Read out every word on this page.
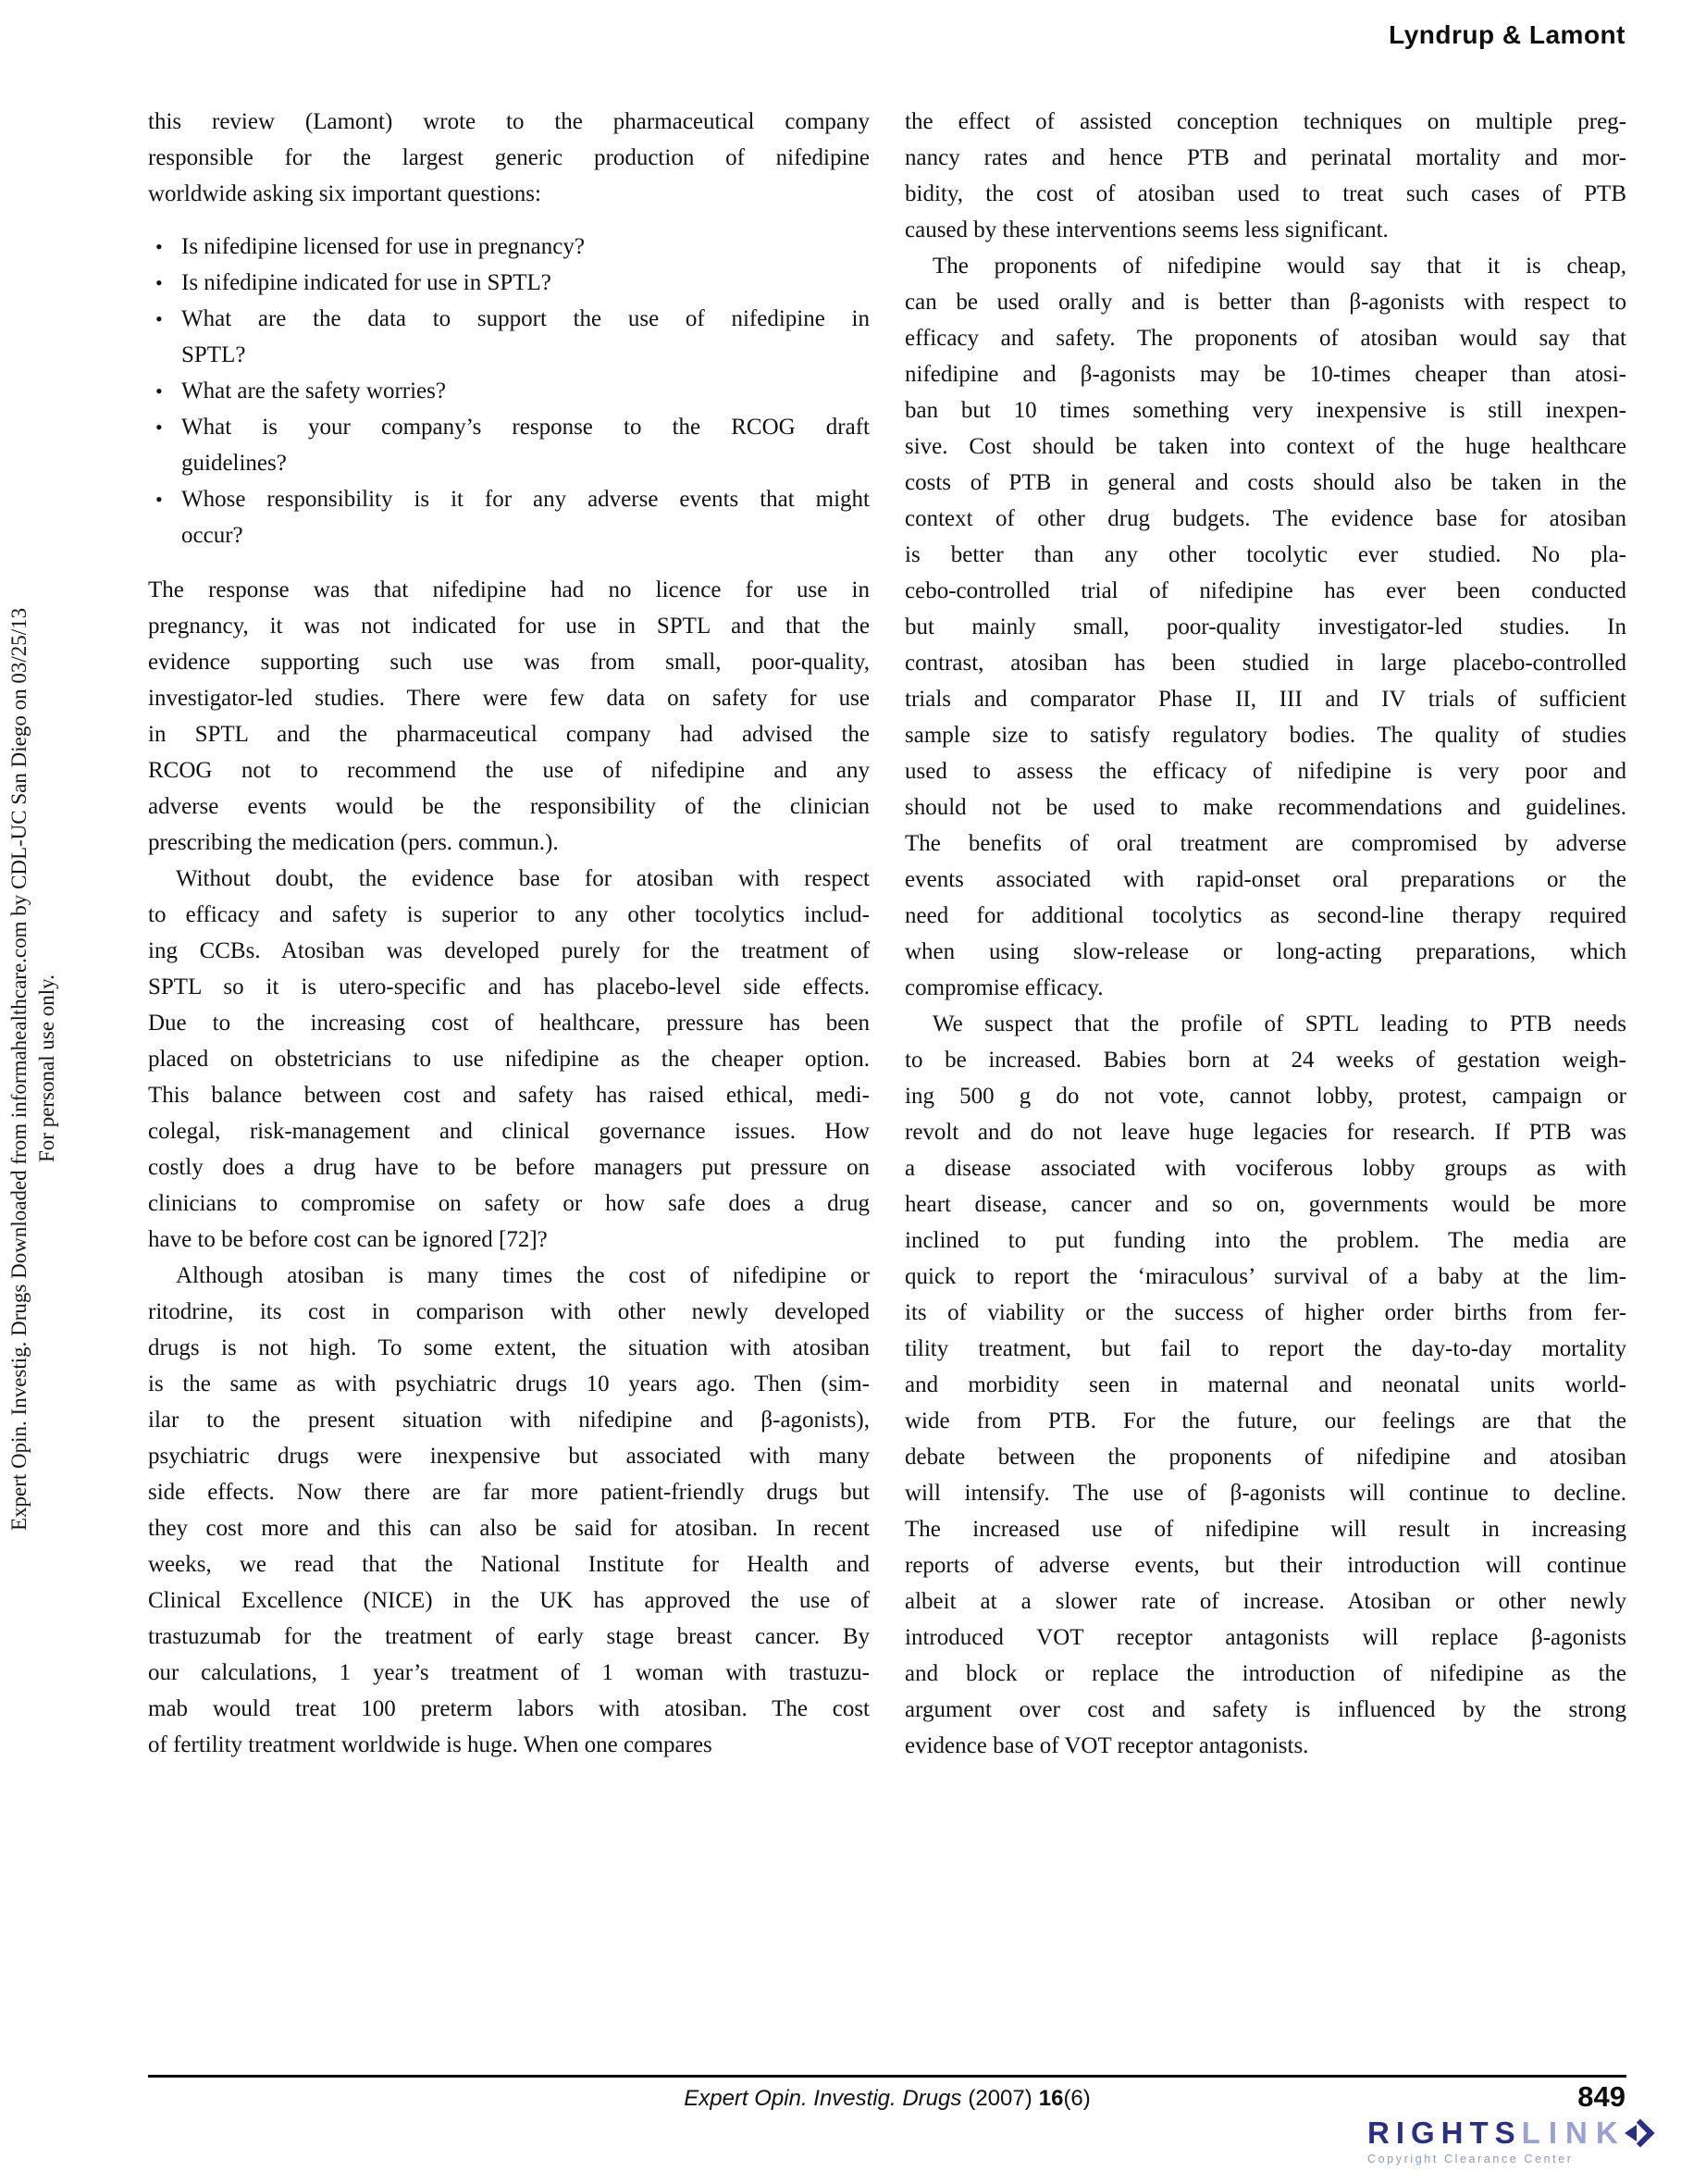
Lyndrup & Lamont
Expert Opin. Investig. Drugs Downloaded from informahealthcare.com by CDL-UC San Diego on 03/25/13 For personal use only.
this review (Lamont) wrote to the pharmaceutical company
responsible for the largest generic production of nifedipine
worldwide asking six important questions:
• Is nifedipine licensed for use in pregnancy?
• Is nifedipine indicated for use in SPTL?
• What are the data to support the use of nifedipine in
SPTL?
• What are the safety worries?
• What is your company’s response to the RCOG draft
guidelines?
• Whose responsibility is it for any adverse events that might
occur?
The response was that nifedipine had no licence for use in
pregnancy, it was not indicated for use in SPTL and that the
evidence supporting such use was from small, poor-quality,
investigator-led studies. There were few data on safety for use
in SPTL and the pharmaceutical company had advised the
RCOG not to recommend the use of nifedipine and any
adverse events would be the responsibility of the clinician
prescribing the medication (pers. commun.).
Without doubt, the evidence base for atosiban with respect
to efficacy and safety is superior to any other tocolytics includ-
ing CCBs. Atosiban was developed purely for the treatment of
SPTL so it is utero-specific and has placebo-level side effects.
Due to the increasing cost of healthcare, pressure has been
placed on obstetricians to use nifedipine as the cheaper option.
This balance between cost and safety has raised ethical, medi-
colegal, risk-management and clinical governance issues. How
costly does a drug have to be before managers put pressure on
clinicians to compromise on safety or how safe does a drug
have to be before cost can be ignored [72]?
Although atosiban is many times the cost of nifedipine or
ritodrine, its cost in comparison with other newly developed
drugs is not high. To some extent, the situation with atosiban
is the same as with psychiatric drugs 10 years ago. Then (sim-
ilar to the present situation with nifedipine and β-agonists),
psychiatric drugs were inexpensive but associated with many
side effects. Now there are far more patient-friendly drugs but
they cost more and this can also be said for atosiban. In recent
weeks, we read that the National Institute for Health and
Clinical Excellence (NICE) in the UK has approved the use of
trastuzumab for the treatment of early stage breast cancer. By
our calculations, 1 year’s treatment of 1 woman with trastuzu-
mab would treat 100 preterm labors with atosiban. The cost
of fertility treatment worldwide is huge. When one compares
the effect of assisted conception techniques on multiple preg-
nancy rates and hence PTB and perinatal mortality and mor-
bidity, the cost of atosiban used to treat such cases of PTB
caused by these interventions seems less significant.
The proponents of nifedipine would say that it is cheap,
can be used orally and is better than β-agonists with respect to
efficacy and safety. The proponents of atosiban would say that
nifedipine and β-agonists may be 10-times cheaper than atosi-
ban but 10 times something very inexpensive is still inexpen-
sive. Cost should be taken into context of the huge healthcare
costs of PTB in general and costs should also be taken in the
context of other drug budgets. The evidence base for atosiban
is better than any other tocolytic ever studied. No pla-
cebo-controlled trial of nifedipine has ever been conducted
but mainly small, poor-quality investigator-led studies. In
contrast, atosiban has been studied in large placebo-controlled
trials and comparator Phase II, III and IV trials of sufficient
sample size to satisfy regulatory bodies. The quality of studies
used to assess the efficacy of nifedipine is very poor and
should not be used to make recommendations and guidelines.
The benefits of oral treatment are compromised by adverse
events associated with rapid-onset oral preparations or the
need for additional tocolytics as second-line therapy required
when using slow-release or long-acting preparations, which
compromise efficacy.
We suspect that the profile of SPTL leading to PTB needs
to be increased. Babies born at 24 weeks of gestation weigh-
ing 500 g do not vote, cannot lobby, protest, campaign or
revolt and do not leave huge legacies for research. If PTB was
a disease associated with vociferous lobby groups as with
heart disease, cancer and so on, governments would be more
inclined to put funding into the problem. The media are
quick to report the ‘miraculous’ survival of a baby at the lim-
its of viability or the success of higher order births from fer-
tility treatment, but fail to report the day-to-day mortality
and morbidity seen in maternal and neonatal units world-
wide from PTB. For the future, our feelings are that the
debate between the proponents of nifedipine and atosiban
will intensify. The use of β-agonists will continue to decline.
The increased use of nifedipine will result in increasing
reports of adverse events, but their introduction will continue
albeit at a slower rate of increase. Atosiban or other newly
introduced VOT receptor antagonists will replace β-agonists
and block or replace the introduction of nifedipine as the
argument over cost and safety is influenced by the strong
evidence base of VOT receptor antagonists.
Expert Opin. Investig. Drugs (2007) 16(6)	849
RIGHTS LINK
Copyright Clearance Center
